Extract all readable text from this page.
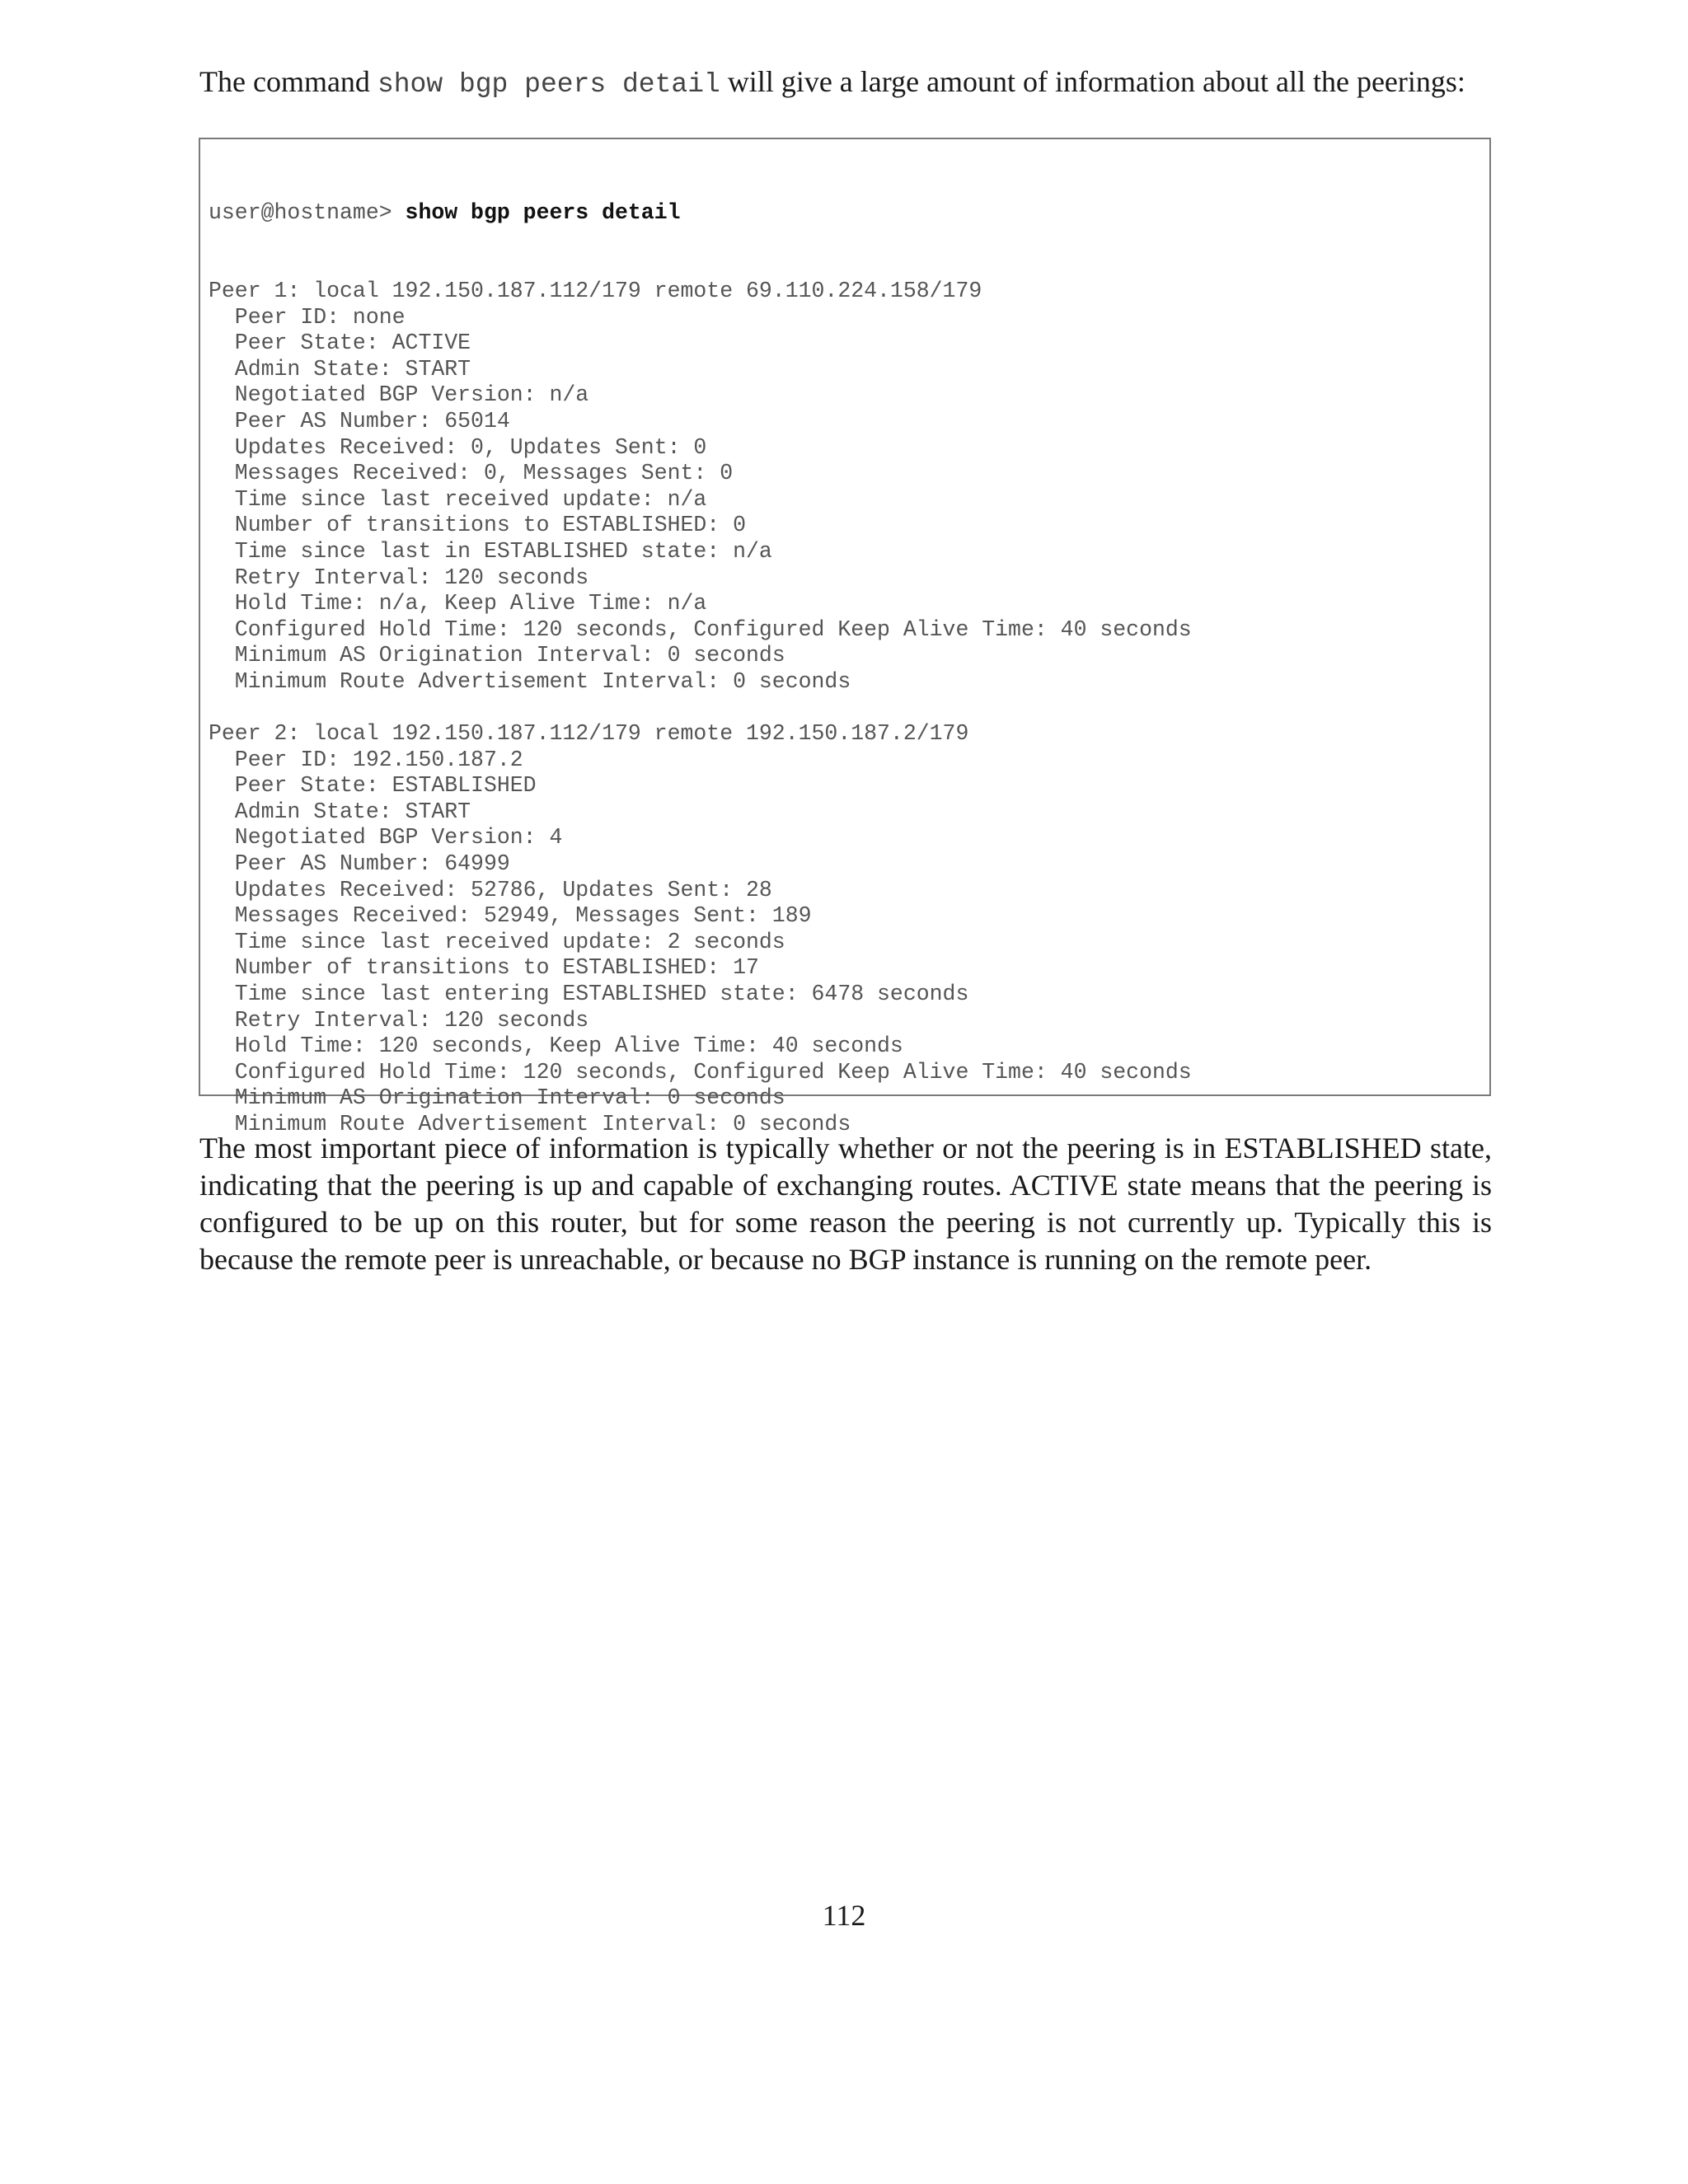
The command show bgp peers detail will give a large amount of information about all the peerings:

user@hostname> show bgp peers detail

Peer 1: local 192.150.187.112/179 remote 69.110.224.158/179
Peer ID: none
Peer State: ACTIVE
Admin State: START
Negotiated BGP Version: n/a
Peer AS Number: 65014
Updates Received: 0, Updates Sent: 0
Messages Received: 0, Messages Sent: 0
Time since last received update: n/a
Number of transitions to ESTABLISHED: 0
Time since last in ESTABLISHED state: n/a
Retry Interval: 120 seconds
Hold Time: n/a, Keep Alive Time: n/a
Configured Hold Time: 120 seconds, Configured Keep Alive Time: 40 seconds
Minimum AS Origination Interval: 0 seconds
Minimum Route Advertisement Interval: 0 seconds
Peer 2: local 192.150.187.112/179 remote 192.150.187.2/179
Peer ID: 192.150.187.2
Peer State: ESTABLISHED
Admin State: START
Negotiated BGP Version: 4
Peer AS Number: 64999
Updates Received: 52786, Updates Sent: 28
Messages Received: 52949, Messages Sent: 189
Time since last received update: 2 seconds
Number of transitions to ESTABLISHED: 17
Time since last entering ESTABLISHED state: 6478 seconds
Retry Interval: 120 seconds
Hold Time: 120 seconds, Keep Alive Time: 40 seconds
Configured Hold Time: 120 seconds, Configured Keep Alive Time: 40 seconds
Minimum AS Origination Interval: 0 seconds
Minimum Route Advertisement Interval: 0 seconds

The most important piece of information is typically whether or not the peering is in ESTABLISHED state, indicating that the peering is up and capable of exchanging routes. ACTIVE state means that the peering is configured to be up on this router, but for some reason the peering is not currently up. Typically this is because the remote peer is unreachable, or because no BGP instance is running on the remote peer.

112
